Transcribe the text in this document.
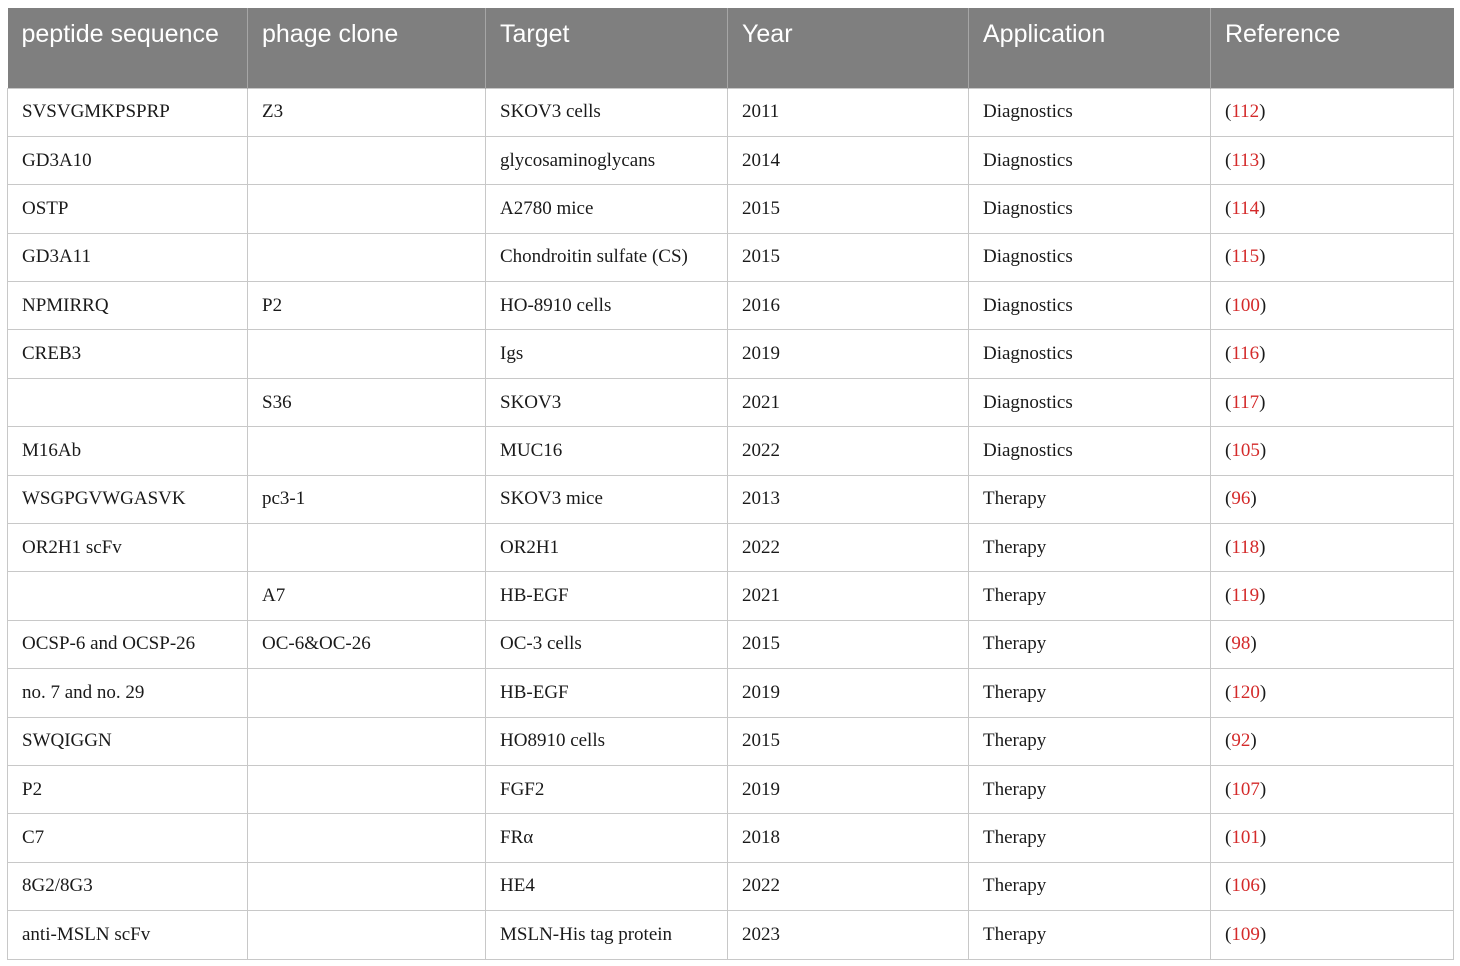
peptide sequence	phage clone	Target	Year	Application	Reference
SVSVGMKPSPRP	Z3	SKOV3 cells	2011	Diagnostics	(112)
GD3A10		glycosaminoglycans	2014	Diagnostics	(113)
OSTP		A2780 mice	2015	Diagnostics	(114)
GD3A11		Chondroitin sulfate (CS)	2015	Diagnostics	(115)
NPMIRRQ	P2	HO-8910 cells	2016	Diagnostics	(100)
CREB3		Igs	2019	Diagnostics	(116)
	S36	SKOV3	2021	Diagnostics	(117)
M16Ab		MUC16	2022	Diagnostics	(105)
WSGPGVWGASVK	pc3-1	SKOV3 mice	2013	Therapy	(96)
OR2H1 scFv		OR2H1	2022	Therapy	(118)
	A7	HB-EGF	2021	Therapy	(119)
OCSP-6 and OCSP-26	OC-6&OC-26	OC-3 cells	2015	Therapy	(98)
no. 7 and no. 29		HB-EGF	2019	Therapy	(120)
SWQIGGN		HO8910 cells	2015	Therapy	(92)
P2		FGF2	2019	Therapy	(107)
C7		FRα	2018	Therapy	(101)
8G2/8G3		HE4	2022	Therapy	(106)
anti-MSLN scFv		MSLN-His tag protein	2023	Therapy	(109)
